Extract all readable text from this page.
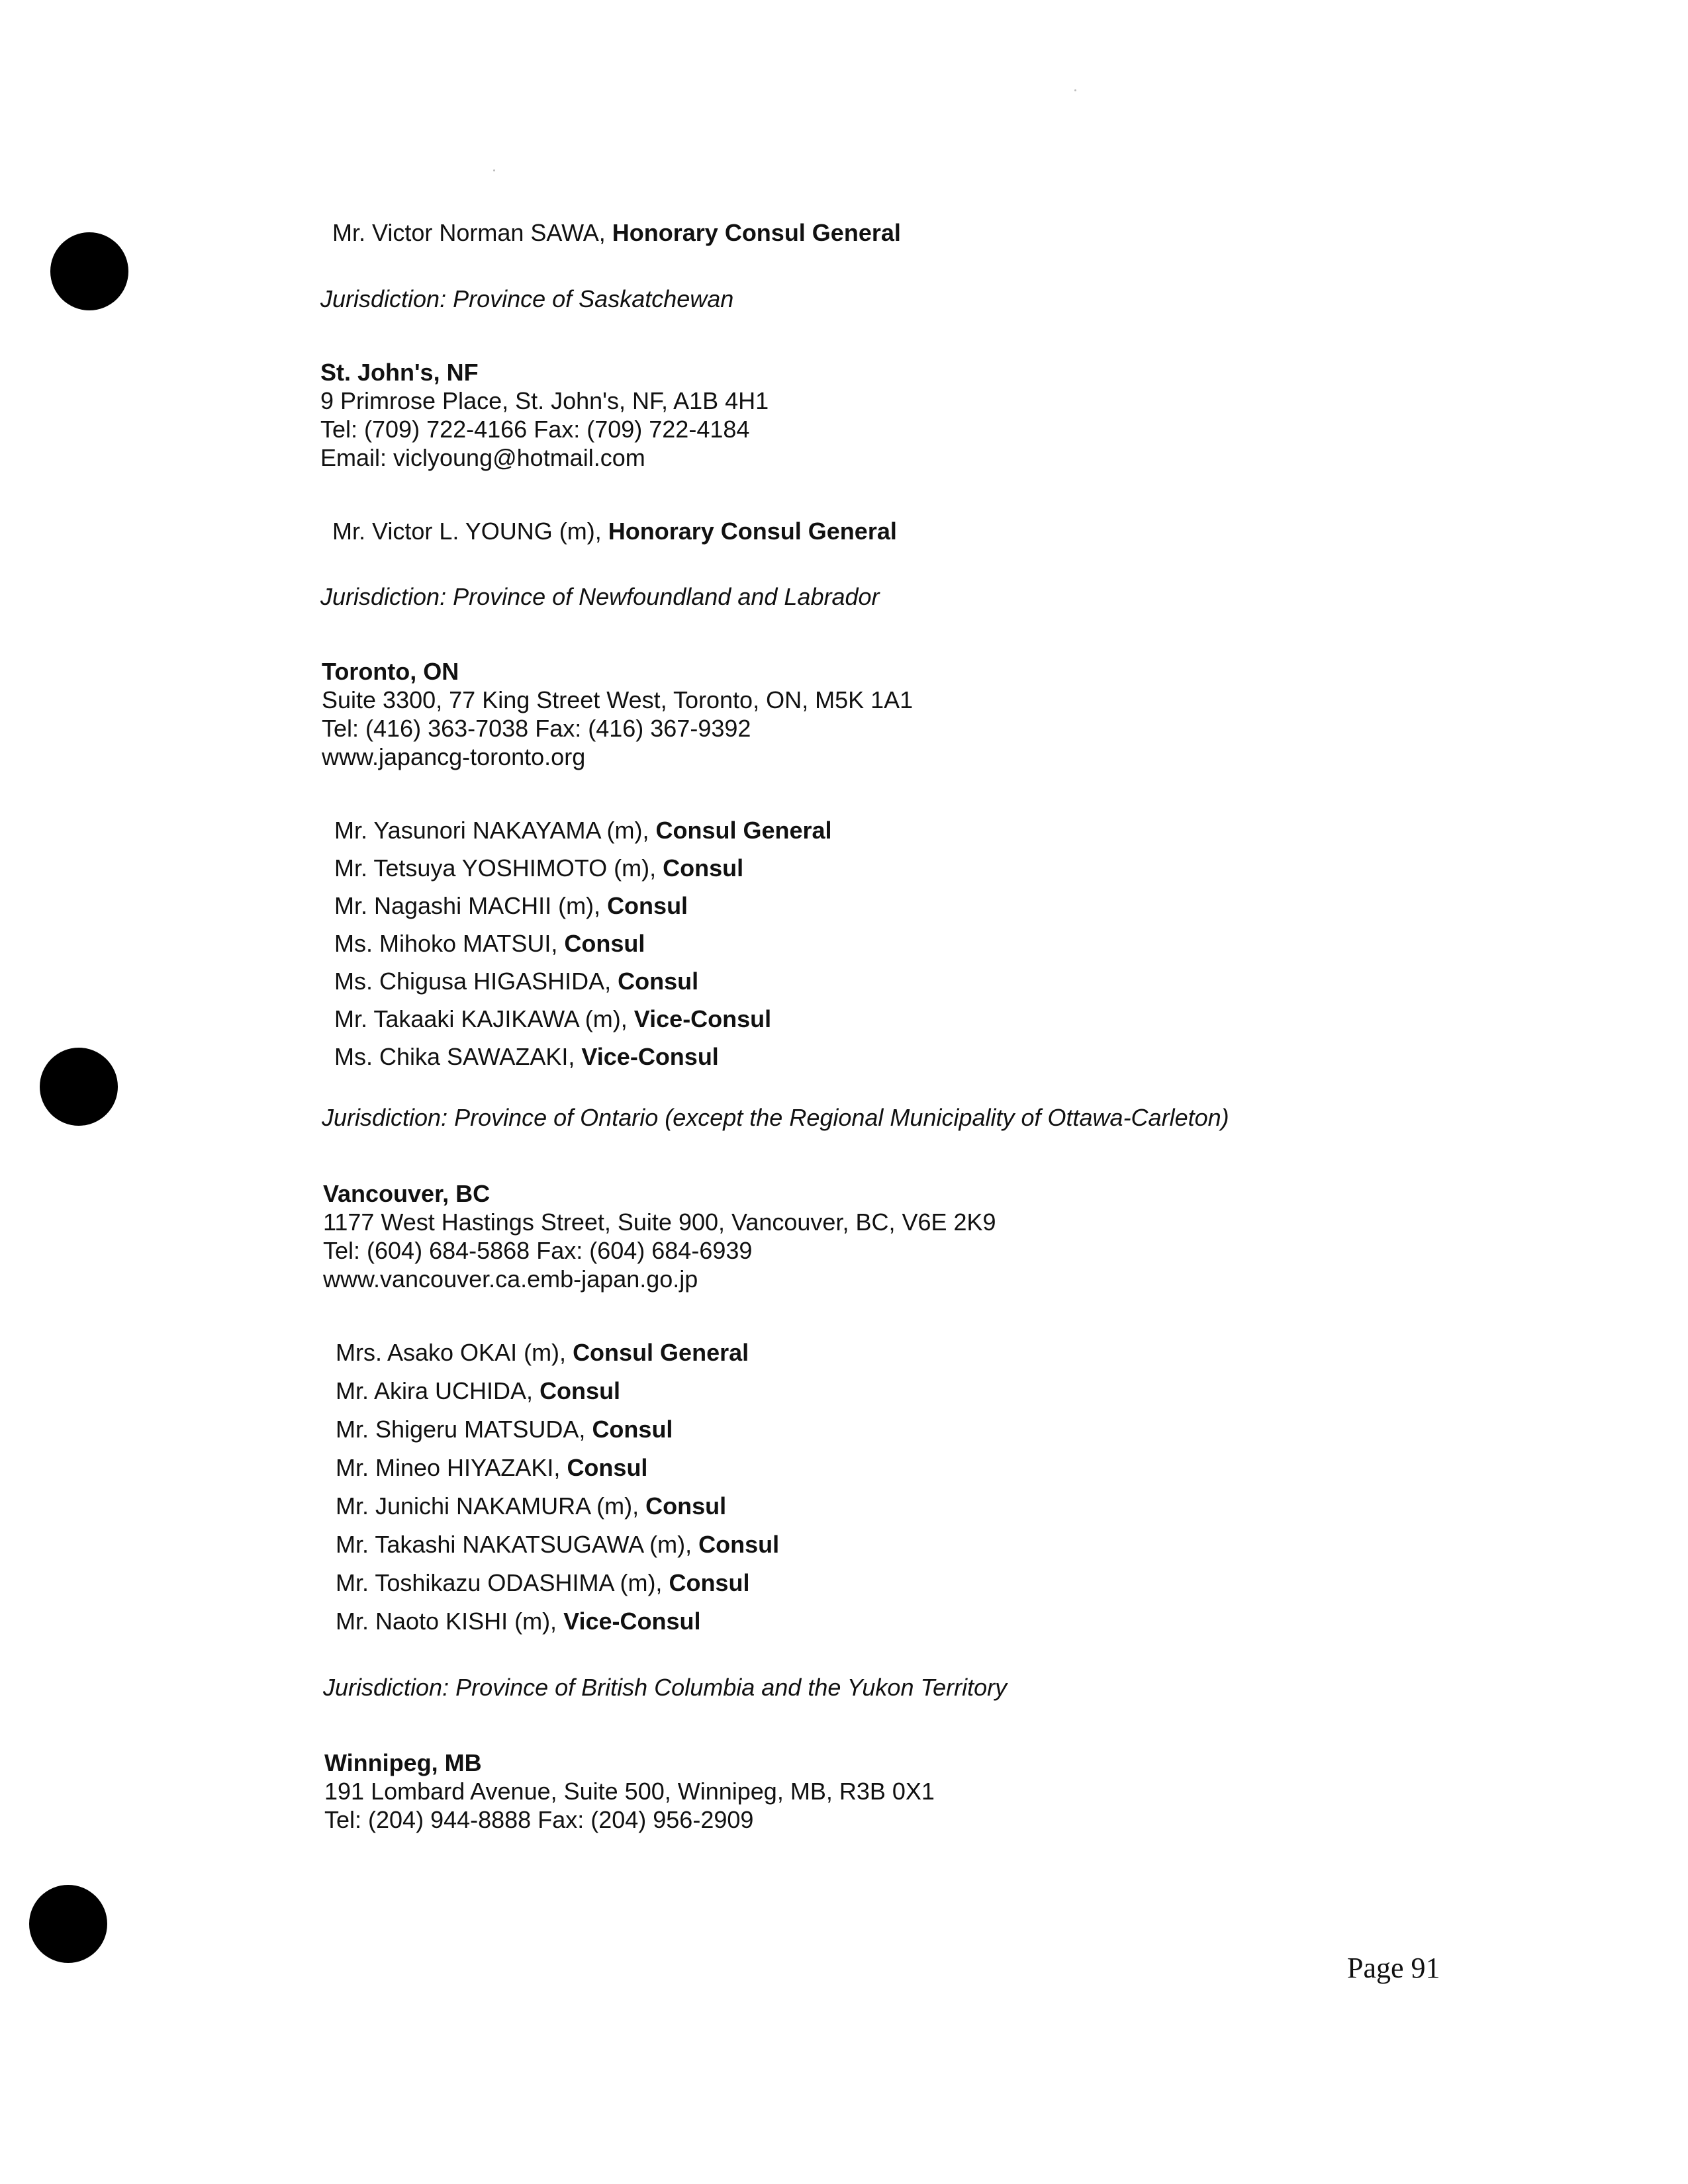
Mr. Victor Norman SAWA, Honorary Consul General
Jurisdiction: Province of Saskatchewan
St. John's, NF
9 Primrose Place, St. John's, NF, A1B 4H1
Tel: (709) 722-4166 Fax: (709) 722-4184
Email: viclyoung@hotmail.com
Mr. Victor L. YOUNG (m), Honorary Consul General
Jurisdiction: Province of Newfoundland and Labrador
Toronto, ON
Suite 3300, 77 King Street West, Toronto, ON, M5K 1A1
Tel: (416) 363-7038 Fax: (416) 367-9392
www.japancg-toronto.org
Mr. Yasunori NAKAYAMA (m), Consul General
Mr. Tetsuya YOSHIMOTO (m), Consul
Mr. Nagashi MACHII (m), Consul
Ms. Mihoko MATSUI, Consul
Ms. Chigusa HIGASHIDA, Consul
Mr. Takaaki KAJIKAWA (m), Vice-Consul
Ms. Chika SAWAZAKI, Vice-Consul
Jurisdiction: Province of Ontario (except the Regional Municipality of Ottawa-Carleton)
Vancouver, BC
1177 West Hastings Street, Suite 900, Vancouver, BC, V6E 2K9
Tel: (604) 684-5868 Fax: (604) 684-6939
www.vancouver.ca.emb-japan.go.jp
Mrs. Asako OKAI (m), Consul General
Mr. Akira UCHIDA, Consul
Mr. Shigeru MATSUDA, Consul
Mr. Mineo HIYAZAKI, Consul
Mr. Junichi NAKAMURA (m), Consul
Mr. Takashi NAKATSUGAWA (m), Consul
Mr. Toshikazu ODASHIMA (m), Consul
Mr. Naoto KISHI (m), Vice-Consul
Jurisdiction: Province of British Columbia and the Yukon Territory
Winnipeg, MB
191 Lombard Avenue, Suite 500, Winnipeg, MB, R3B 0X1
Tel: (204) 944-8888 Fax: (204) 956-2909
Page 91
